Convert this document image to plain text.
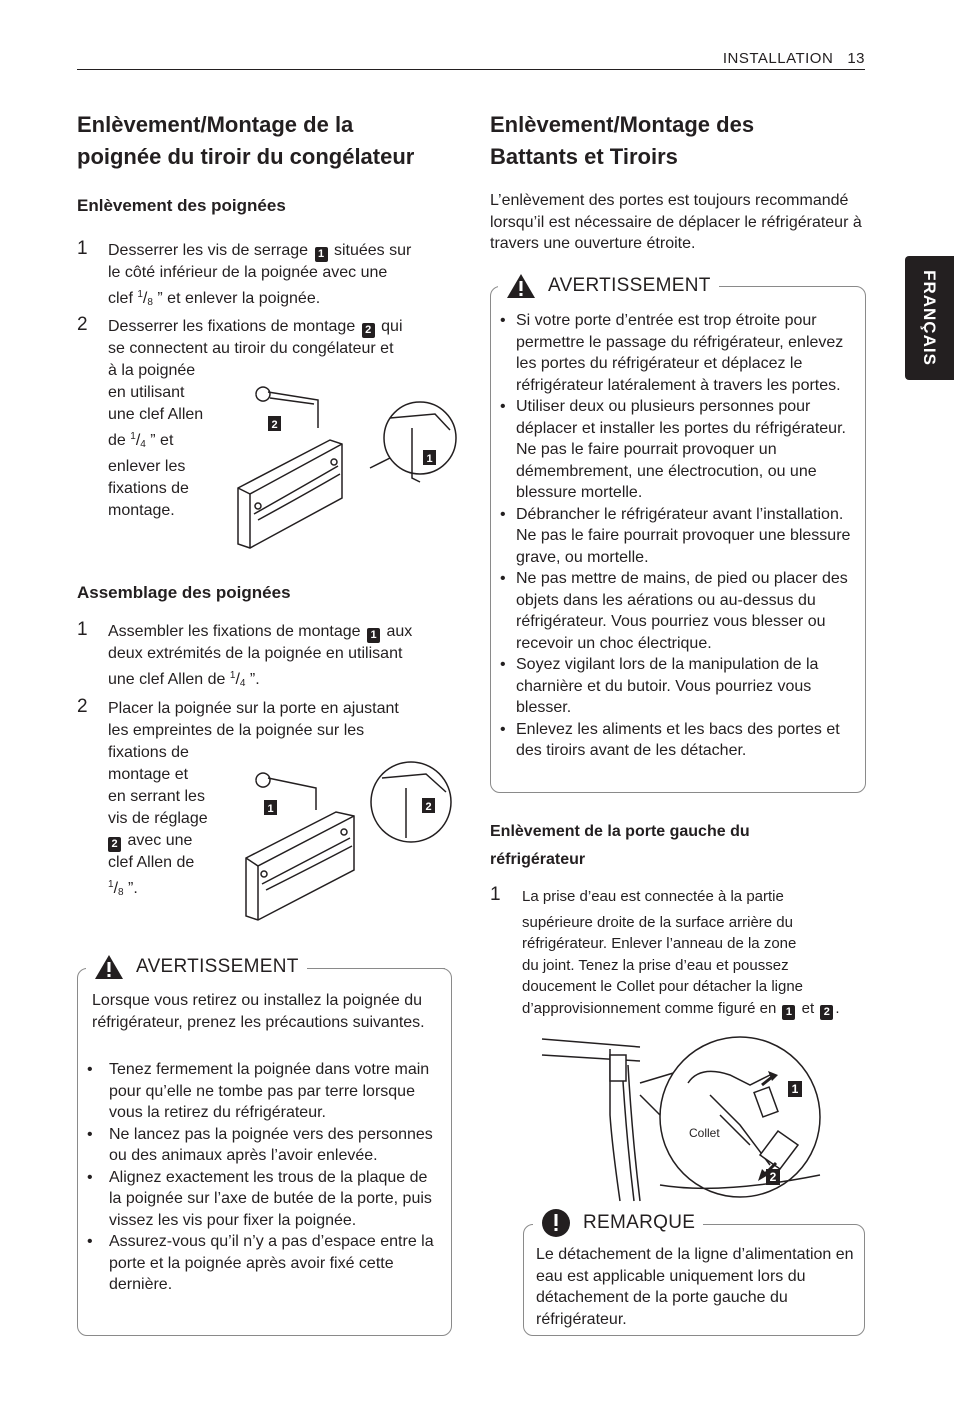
INSTALLATION 13
FRANÇAIS
Enlèvement/Montage de la
poignée du tiroir du congélateur
Enlèvement des poignées
1 Desserrer les vis de serrage 1 situées sur
le côté inférieur de la poignée avec une
clef $^1/_8$ ” et enlever la poignée.
2 Desserrer les fixations de montage 2 qui
se connectent au tiroir du congélateur et
à la poignée
en utilisant
une clef Allen
de $^1/_4$ ” et
enlever les
fixations de
montage.
2
1
Assemblage des poignées
1 Assembler les fixations de montage 1 aux
deux extrémités de la poignée en utilisant
une clef Allen de $^1/_4$ ”.
2 Placer la poignée sur la porte en ajustant
les empreintes de la poignée sur les
fixations de
montage et
en serrant les
vis de réglage
2 avec une
clef Allen de
$^1/_8$ ”.
1	2
AVERTISSEMENT
Lorsque vous retirez ou installez la poignée du réfrigérateur, prenez les précautions suivantes.
• Tenez fermement la poignée dans votre main pour qu’elle ne tombe pas par terre lorsque vous la retirez du réfrigérateur.
• Ne lancez pas la poignée vers des personnes ou des animaux après l’avoir enlevée.
• Alignez exactement les trous de la plaque de la poignée sur l’axe de butée de la porte, puis vissez les vis pour fixer la poignée.
• Assurez-vous qu’il n’y a pas d’espace entre la porte et la poignée après avoir fixé cette dernière.
Enlèvement/Montage des
Battants et Tiroirs
L’enlèvement des portes est toujours recommandé lorsqu’il est nécessaire de déplacer le réfrigérateur à travers une ouverture étroite.
AVERTISSEMENT
• Si votre porte d’entrée est trop étroite pour permettre le passage du réfrigérateur, enlevez les portes du réfrigérateur et déplacez le réfrigérateur latéralement à travers les portes.
• Utiliser deux ou plusieurs personnes pour déplacer et installer les portes du réfrigérateur. Ne pas le faire pourrait provoquer un démembrement, une électrocution, ou une blessure mortelle.
• Débrancher le réfrigérateur avant l’installation. Ne pas le faire pourrait provoquer une blessure grave, ou mortelle.
• Ne pas mettre de mains, de pied ou placer des objets dans les aérations ou au-dessus du réfrigérateur. Vous pourriez vous blesser ou recevoir un choc électrique.
• Soyez vigilant lors de la manipulation de la charnière et du butoir. Vous pourriez vous blesser.
• Enlevez les aliments et les bacs des portes et des tiroirs avant de les détacher.
Enlèvement de la porte gauche du
réfrigérateur
1 La prise d’eau est connectée à la partie
supérieure droite de la surface arrière du
réfrigérateur. Enlever l’anneau de la zone
du joint. Tenez la prise d’eau et poussez
doucement le Collet pour détacher la ligne
d’approvisionnement comme figuré en 1 et 2 .
1
2
Collet
REMARQUE
Le détachement de la ligne d’alimentation en eau est applicable uniquement lors du détachement de la porte gauche du réfrigérateur.
